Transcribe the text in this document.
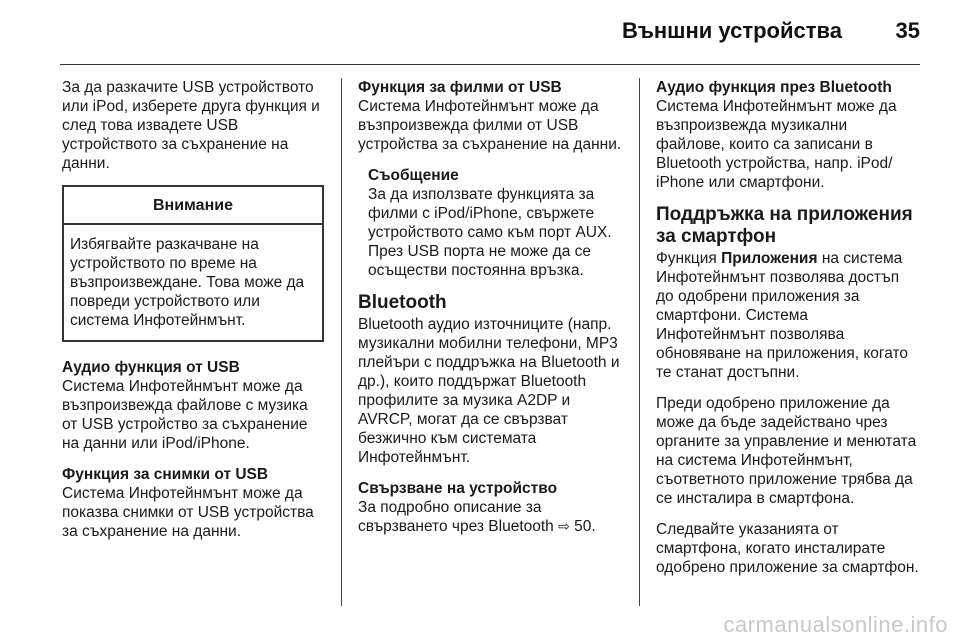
Външни устройства 35

За да разкачите USB устройството или iPod, изберете друга функция и след това извадете USB устройството за съхранение на данни.

Внимание
Избягвайте разкачване на устройството по време на възпроизвеждане. Това може да повреди устройството или система Инфотейнмънт.
Аудио функция от USB

Система Инфотейнмънт може да възпроизвежда файлове с музика от USB устройство за съхранение на данни или iPod/iPhone.

Функция за снимки от USB

Система Инфотейнмънт може да показва снимки от USB устройства за съхранение на данни.

Функция за филми от USB

Система Инфотейнмънт може да възпроизвежда филми от USB устройства за съхранение на данни.

Съобщение
За да използвате функцията за филми с iPod/iPhone, свържете устройството само към порт AUX. През USB порта не може да се осъществи постоянна връзка.
Bluetooth

Bluetooth аудио източниците (напр. музикални мобилни телефони, MP3 плейъри с поддръжка на Bluetooth и др.), които поддържат Bluetooth профилите за музика A2DP и AVRCP, могат да се свързват безжично към системата Инфотейнмънт.

Свързване на устройство

За подробно описание за свързването чрез Bluetooth ⇨ 50.

Аудио функция през Bluetooth

Система Инфотейнмънт може да възпроизвежда музикални файлове, които са записани в Bluetooth устройства, напр. iPod/ iPhone или смартфони.

Поддръжка на приложения за смартфон

Функция Приложения на система Инфотейнмънт позволява достъп до одобрени приложения за смартфони. Система Инфотейнмънт позволява обновяване на приложения, когато те станат достъпни.

Преди одобрено приложение да може да бъде задействано чрез органите за управление и менютата на система Инфотейнмънт, съответното приложение трябва да се инсталира в смартфона.

Следвайте указанията от смартфона, когато инсталирате одобрено приложение за смартфон.

carmanualsonline.info
